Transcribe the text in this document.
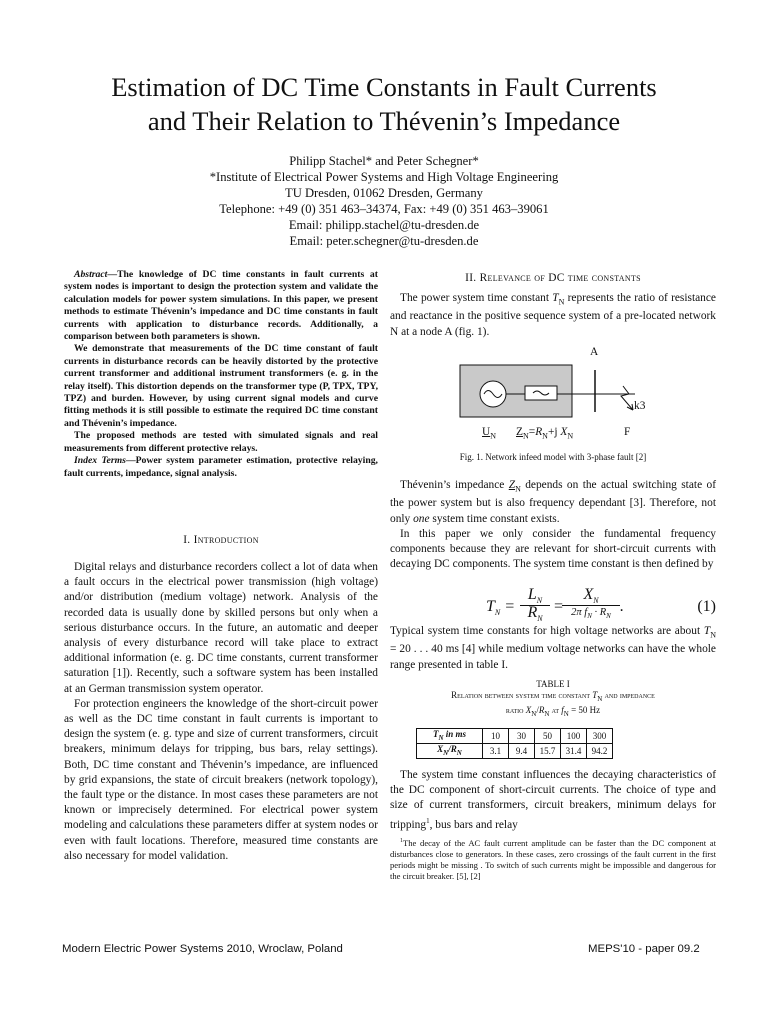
Estimation of DC Time Constants in Fault Currents
and Their Relation to Thévenin’s Impedance
Philipp Stachel* and Peter Schegner*
*Institute of Electrical Power Systems and High Voltage Engineering
TU Dresden, 01062 Dresden, Germany
Telephone: +49 (0) 351 463–34374, Fax: +49 (0) 351 463–39061
Email: philipp.stachel@tu-dresden.de
Email: peter.schegner@tu-dresden.de

Abstract—The knowledge of DC time constants in fault currents at system nodes is important to design the protection system and validate the calculation models for power system simulations. In this paper, we present methods to estimate Thévenin’s impedance and DC time constants in fault currents with application to disturbance records. Additionally, a comparison between both parameters is shown.

We demonstrate that measurements of the DC time constant of fault currents in disturbance records can be heavily distorted by the protective current transformer and additional instrument transformers (e. g. in the relay itself). This distortion depends on the transformer type (P, TPX, TPY, TPZ) and burden. However, by using current signal models and curve fitting methods it is still possible to estimate the required DC time constant and Thévenin’s impedance.

The proposed methods are tested with simulated signals and real measurements from different protective relays.

Index Terms—Power system parameter estimation, protective relaying, fault currents, impedance, signal analysis.

I. Introduction

Digital relays and disturbance recorders collect a lot of data when a fault occurs in the electrical power transmission (high voltage) and/or distribution (medium voltage) network. Analysis of the recorded data is usually done by skilled persons but only when a serious disturbance occurs. In the future, an automatic and deeper analysis of every disturbance record will take place to extract additional information (e. g. DC time constants, current transformer saturation [1]). Recently, such a software system has been installed at an German transmission system operator.

For protection engineers the knowledge of the short-circuit power as well as the DC time constant in fault currents is important to design the system (e. g. type and size of current transformers, circuit breakers, minimum delays for tripping, bus bars, relay settings). Both, DC time constant and Thévenin’s impedance, are influenced by grid expansions, the state of circuit breakers (network topology), the fault type or the distance. In most cases these parameters are not known or imprecisely determined. For electrical power system modeling and calculations these parameters differ at system nodes or even with fault locations. Therefore, measured time constants are also necessary for model validation.

II. Relevance of DC time constants

The power system time constant $T_N$ represents the ratio of resistance and reactance in the positive sequence system of a pre-located network N at a node A (fig. 1).

A
k3
F
$U_N$ $Z_N=R_N+j$ $X_N$
Fig. 1. Network infeed model with 3-phase fault [2]

Thévenin’s impedance $Z_N$ depends on the actual switching state of the power system but is also frequency dependant [3]. Therefore, not only one system time constant exists.

In this paper we only consider the fundamental frequency components because they are relevant for short-circuit currents with decaying DC components. The system time constant is then defined by

$T_N$ =
$L_N$
$R_N$
=
$X_N$
2π $f_N \cdot R_N$
.	(1)

Typical system time constants for high voltage networks are about $T_N = 20$ . . . 40 ms [4] while medium voltage networks can have the whole range presented in table I.

TABLE I
Relation between system time constant $T_N$ and impedance
ratio $X_N/R_N$ at $f_N = 50$ Hz
$T_N$ in ms	10	30	50	100	300
$X_N/R_N$	3.1	9.4	15.7	31.4	94.2

The system time constant influences the decaying characteristics of the DC component of short-circuit currents. The choice of type and size of current transformers, circuit breakers, minimum delays for tripping$^1$, bus bars and relay

$^1$The decay of the AC fault current amplitude can be faster than the DC component at disturbances close to generators. In these cases, zero crossings of the fault current in the first periods might be missing . To switch of such currents might be impossible and dangerous for the circuit breaker. [5], [2]

Modern Electric Power Systems 2010, Wroclaw, Poland	MEPS'10 - paper 09.2
